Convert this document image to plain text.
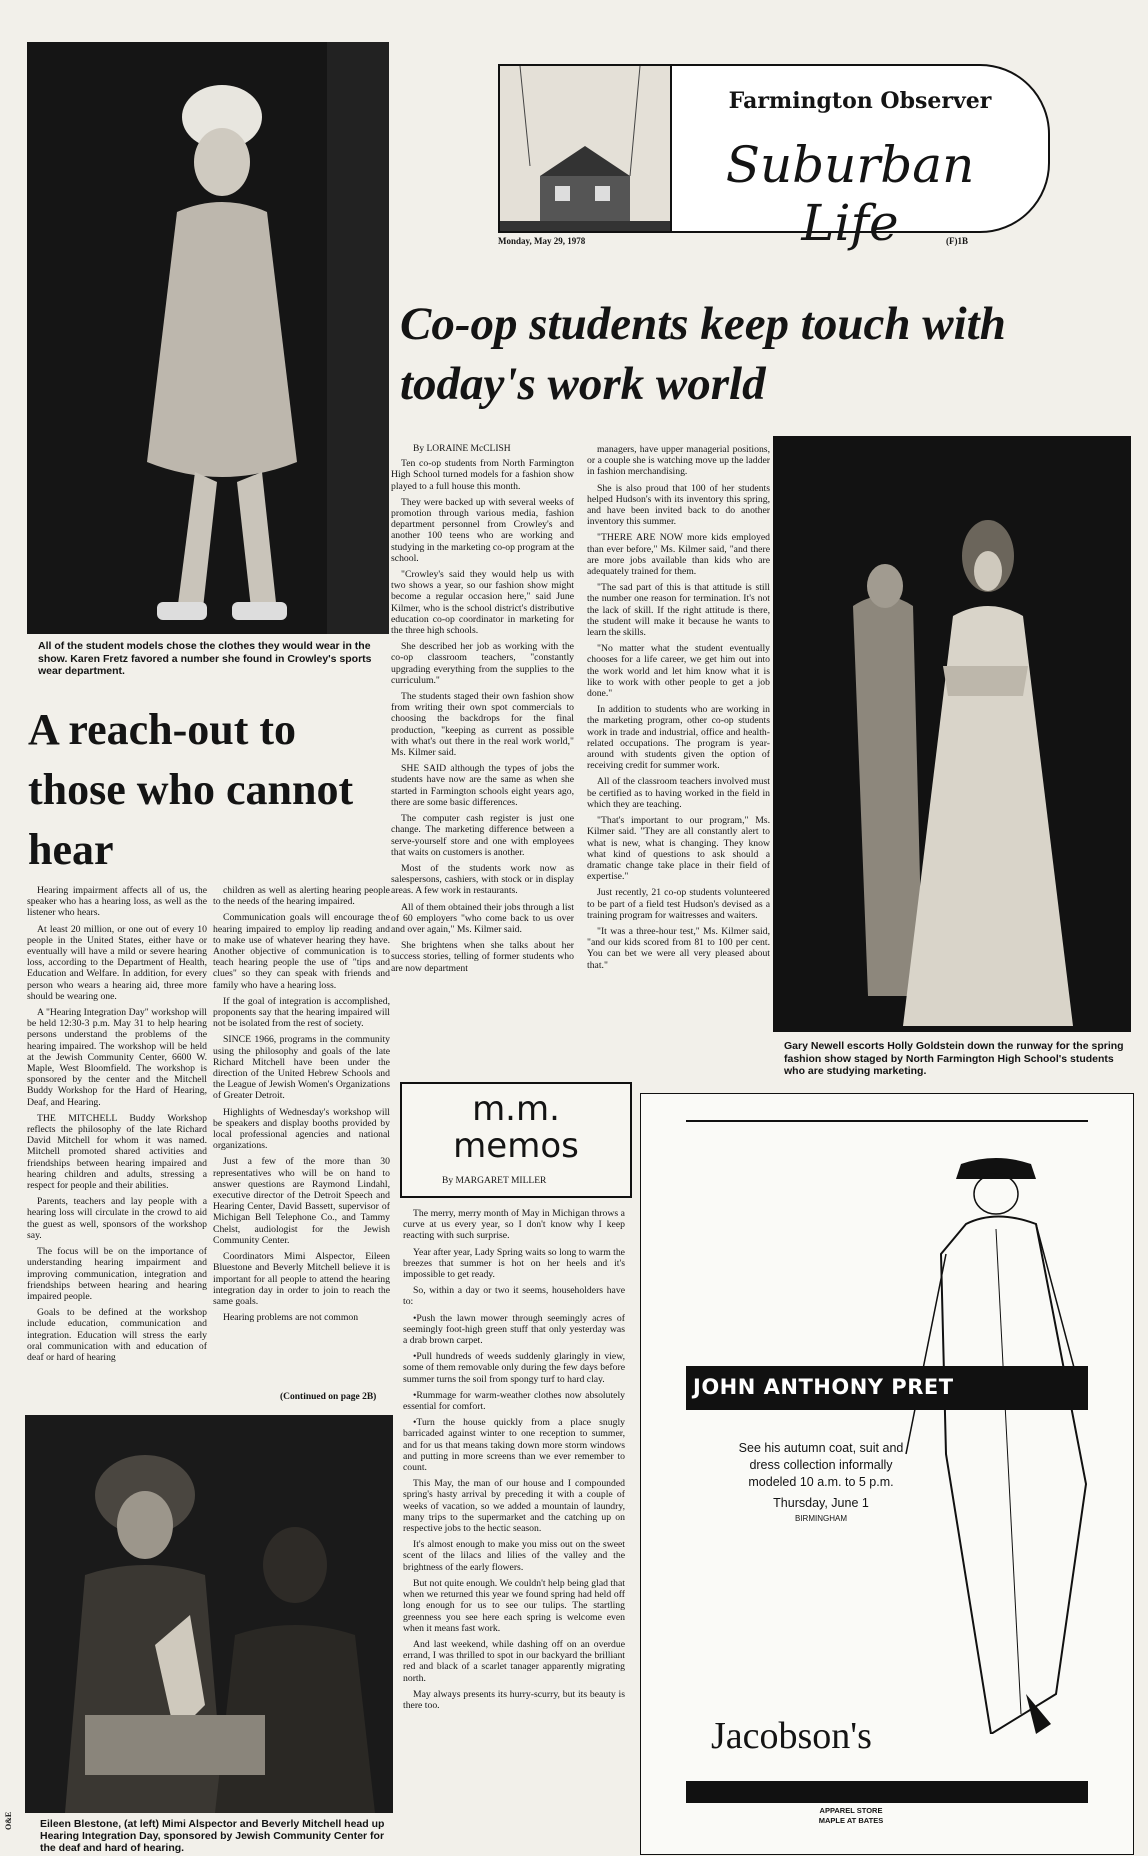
All of the student models chose the clothes they would wear in the show. Karen Fretz favored a number she found in Crowley's sports wear department.
Farmington Observer
Suburban Life
Monday, May 29, 1978	(F)1B
Co-op students keep touch with today's work world
By LORAINE McCLISH

Ten co-op students from North Farmington High School turned models for a fashion show played to a full house this month.

They were backed up with several weeks of promotion through various media, fashion department personnel from Crowley's and another 100 teens who are working and studying in the marketing co-op program at the school.

"Crowley's said they would help us with two shows a year, so our fashion show might become a regular occasion here," said June Kilmer, who is the school district's distributive education co-op coordinator in marketing for the three high schools.

She described her job as working with the co-op classroom teachers, "constantly upgrading everything from the supplies to the curriculum."

The students staged their own fashion show from writing their own spot commercials to choosing the backdrops for the final production, "keeping as current as possible with what's out there in the real work world," Ms. Kilmer said.

SHE SAID although the types of jobs the students have now are the same as when she started in Farmington schools eight years ago, there are some basic differences.

The computer cash register is just one change. The marketing difference between a serve-yourself store and one with employees that waits on customers is another.

Most of the students work now as salespersons, cashiers, with stock or in display areas. A few work in restaurants.

All of them obtained their jobs through a list of 60 employers "who come back to us over and over again," Ms. Kilmer said.

She brightens when she talks about her success stories, telling of former students who are now department

managers, have upper managerial positions, or a couple she is watching move up the ladder in fashion merchandising.

She is also proud that 100 of her students helped Hudson's with its inventory this spring, and have been invited back to do another inventory this summer.

"THERE ARE NOW more kids employed than ever before," Ms. Kilmer said, "and there are more jobs available than kids who are adequately trained for them.

"The sad part of this is that attitude is still the number one reason for termination. It's not the lack of skill. If the right attitude is there, the student will make it because he wants to learn the skills.

"No matter what the student eventually chooses for a life career, we get him out into the work world and let him know what it is like to work with other people to get a job done."

In addition to students who are working in the marketing program, other co-op students work in trade and industrial, office and health-related occupations. The program is year-around with students given the option of receiving credit for summer work.

All of the classroom teachers involved must be certified as to having worked in the field in which they are teaching.

"That's important to our program," Ms. Kilmer said. "They are all constantly alert to what is new, what is changing. They know what kind of questions to ask should a dramatic change take place in their field of expertise."

Just recently, 21 co-op students volunteered to be part of a field test Hudson's devised as a training program for waitresses and waiters.

"It was a three-hour test," Ms. Kilmer said, "and our kids scored from 81 to 100 per cent. You can bet we were all very pleased about that."

Gary Newell escorts Holly Goldstein down the runway for the spring fashion show staged by North Farmington High School's students who are studying marketing.
A reach-out to those who cannot hear

Hearing impairment affects all of us, the speaker who has a hearing loss, as well as the listener who hears.

At least 20 million, or one out of every 10 people in the United States, either have or eventually will have a mild or severe hearing loss, according to the Department of Health, Education and Welfare. In addition, for every person who wears a hearing aid, three more should be wearing one.

A "Hearing Integration Day" workshop will be held 12:30-3 p.m. May 31 to help hearing persons understand the problems of the hearing impaired. The workshop will be held at the Jewish Community Center, 6600 W. Maple, West Bloomfield. The workshop is sponsored by the center and the Mitchell Buddy Workshop for the Hard of Hearing, Deaf, and Hearing.

THE MITCHELL Buddy Workshop reflects the philosophy of the late Richard David Mitchell for whom it was named. Mitchell promoted shared activities and friendships between hearing impaired and hearing children and adults, stressing a respect for people and their abilities.

Parents, teachers and lay people with a hearing loss will circulate in the crowd to aid the guest as well, sponsors of the workshop say.

The focus will be on the importance of understanding hearing impairment and improving communication, integration and friendships between hearing and hearing impaired people.

Goals to be defined at the workshop include education, communication and integration. Education will stress the early oral communication with and education of deaf or hard of hearing

children as well as alerting hearing people to the needs of the hearing impaired.

Communication goals will encourage the hearing impaired to employ lip reading and to make use of whatever hearing they have. Another objective of communication is to teach hearing people the use of "tips and clues" so they can speak with friends and family who have a hearing loss.

If the goal of integration is accomplished, proponents say that the hearing impaired will not be isolated from the rest of society.

SINCE 1966, programs in the community using the philosophy and goals of the late Richard Mitchell have been under the direction of the United Hebrew Schools and the League of Jewish Women's Organizations of Greater Detroit.

Highlights of Wednesday's workshop will be speakers and display booths provided by local professional agencies and national organizations.

Just a few of the more than 30 representatives who will be on hand to answer questions are Raymond Lindahl, executive director of the Detroit Speech and Hearing Center, David Bassett, supervisor of Michigan Bell Telephone Co., and Tammy Chelst, audiologist for the Jewish Community Center.

Coordinators Mimi Alspector, Eileen Bluestone and Beverly Mitchell believe it is important for all people to attend the hearing integration day in order to join to reach the same goals.

Hearing problems are not common

(Continued on page 2B)
Eileen Blestone, (at left) Mimi Alspector and Beverly Mitchell head up Hearing Integration Day, sponsored by Jewish Community Center for the deaf and hard of hearing.
O&E
m.m.
memos
By MARGARET MILLER

The merry, merry month of May in Michigan throws a curve at us every year, so I don't know why I keep reacting with such surprise.

Year after year, Lady Spring waits so long to warm the breezes that summer is hot on her heels and it's impossible to get ready.

So, within a day or two it seems, householders have to:

•Push the lawn mower through seemingly acres of seemingly foot-high green stuff that only yesterday was a drab brown carpet.

•Pull hundreds of weeds suddenly glaringly in view, some of them removable only during the few days before summer turns the soil from spongy turf to hard clay.

•Rummage for warm-weather clothes now absolutely essential for comfort.

•Turn the house quickly from a place snugly barricaded against winter to one reception to summer, and for us that means taking down more storm windows and putting in more screens than we ever remember to count.

This May, the man of our house and I compounded spring's hasty arrival by preceding it with a couple of weeks of vacation, so we added a mountain of laundry, many trips to the supermarket and the catching up on respective jobs to the hectic season.

It's almost enough to make you miss out on the sweet scent of the lilacs and lilies of the valley and the brightness of the early flowers.

But not quite enough. We couldn't help being glad that when we returned this year we found spring had held off long enough for us to see our tulips. The startling greenness you see here each spring is welcome even when it means fast work.

And last weekend, while dashing off on an overdue errand, I was thrilled to spot in our backyard the brilliant red and black of a scarlet tanager apparently migrating north.

May always presents its hurry-scurry, but its beauty is there too.

JOHN ANTHONY PRET
See his autumn coat, suit and
dress collection informally
modeled 10 a.m. to 5 p.m.
Thursday, June 1
BIRMINGHAM
Jacobson's
APPAREL STORE
MAPLE AT BATES
